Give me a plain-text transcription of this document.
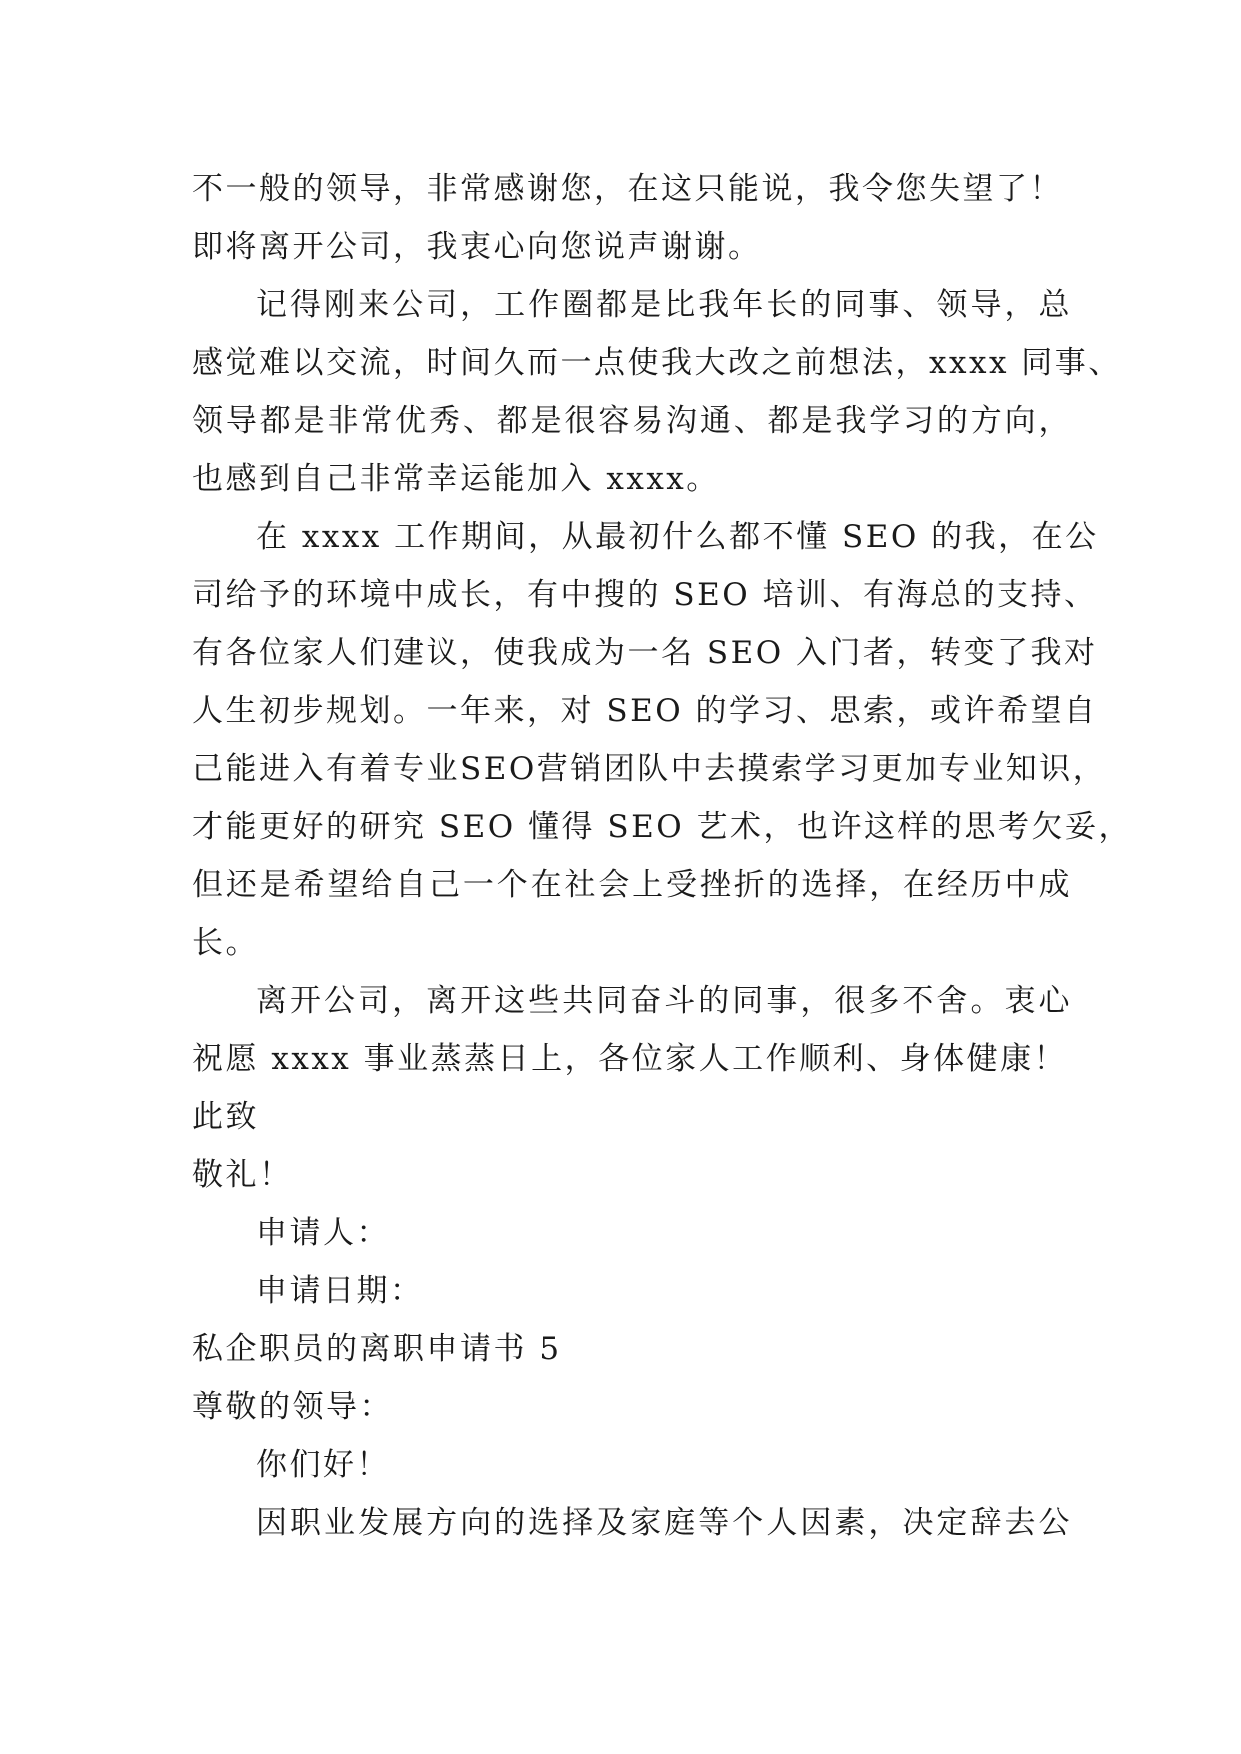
不一般的领导，非常感谢您，在这只能说，我令您失望了！
即将离开公司，我衷心向您说声谢谢。
记得刚来公司，工作圈都是比我年长的同事、领导，总
感觉难以交流，时间久而一点使我大改之前想法，xxxx 同事、
领导都是非常优秀、都是很容易沟通、都是我学习的方向，
也感到自己非常幸运能加入 xxxx。
在 xxxx 工作期间，从最初什么都不懂 SEO 的我，在公
司给予的环境中成长，有中搜的 SEO 培训、有海总的支持、
有各位家人们建议，使我成为一名 SEO 入门者，转变了我对
人生初步规划。一年来，对 SEO 的学习、思索，或许希望自
己能进入有着专业SEO营销团队中去摸索学习更加专业知识，
才能更好的研究 SEO 懂得 SEO 艺术，也许这样的思考欠妥，
但还是希望给自己一个在社会上受挫折的选择，在经历中成
长。
离开公司，离开这些共同奋斗的同事，很多不舍。衷心
祝愿 xxxx 事业蒸蒸日上，各位家人工作顺利、身体健康！
此致
敬礼！
申请人：
申请日期：
私企职员的离职申请书 5
尊敬的领导：
你们好！
因职业发展方向的选择及家庭等个人因素，决定辞去公
